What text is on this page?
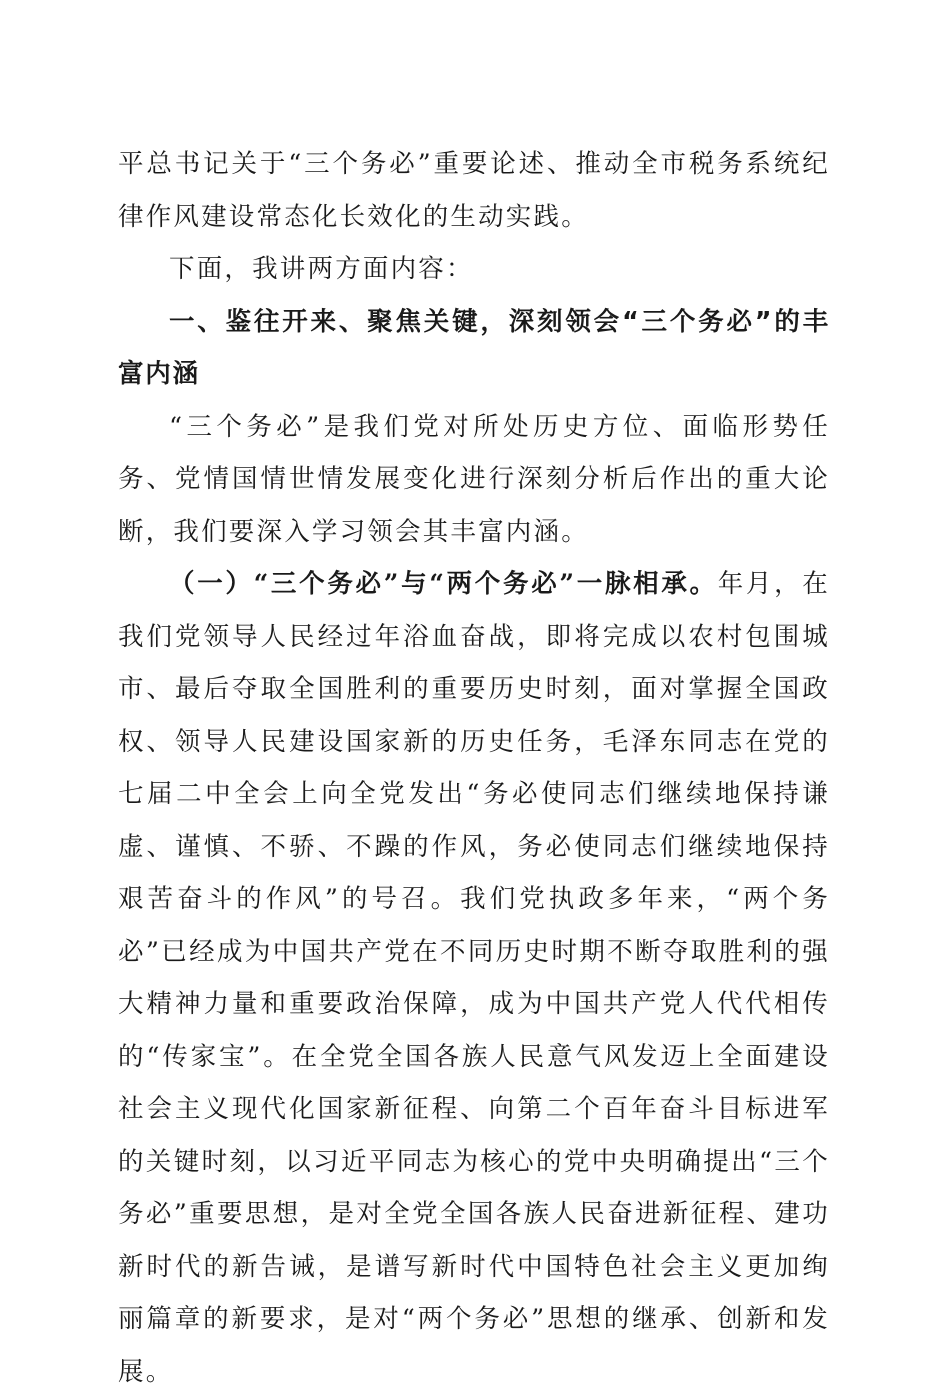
平总书记关于“三个务必”重要论述、推动全市税务系统纪律作风建设常态化长效化的生动实践。

下面，我讲两方面内容：

一、鉴往开来、聚焦关键，深刻领会“三个务必”的丰富内涵

“三个务必”是我们党对所处历史方位、面临形势任务、党情国情世情发展变化进行深刻分析后作出的重大论断，我们要深入学习领会其丰富内涵。

（一）“三个务必”与“两个务必”一脉相承。年月，在我们党领导人民经过年浴血奋战，即将完成以农村包围城市、最后夺取全国胜利的重要历史时刻，面对掌握全国政权、领导人民建设国家新的历史任务，毛泽东同志在党的七届二中全会上向全党发出“务必使同志们继续地保持谦虚、谨慎、不骄、不躁的作风，务必使同志们继续地保持艰苦奋斗的作风”的号召。我们党执政多年来，“两个务必”已经成为中国共产党在不同历史时期不断夺取胜利的强大精神力量和重要政治保障，成为中国共产党人代代相传的“传家宝”。在全党全国各族人民意气风发迈上全面建设社会主义现代化国家新征程、向第二个百年奋斗目标进军的关键时刻，以习近平同志为核心的党中央明确提出“三个务必”重要思想，是对全党全国各族人民奋进新征程、建功新时代的新告诫，是谱写新时代中国特色社会主义更加绚丽篇章的新要求，是对“两个务必”思想的继承、创新和发展。
